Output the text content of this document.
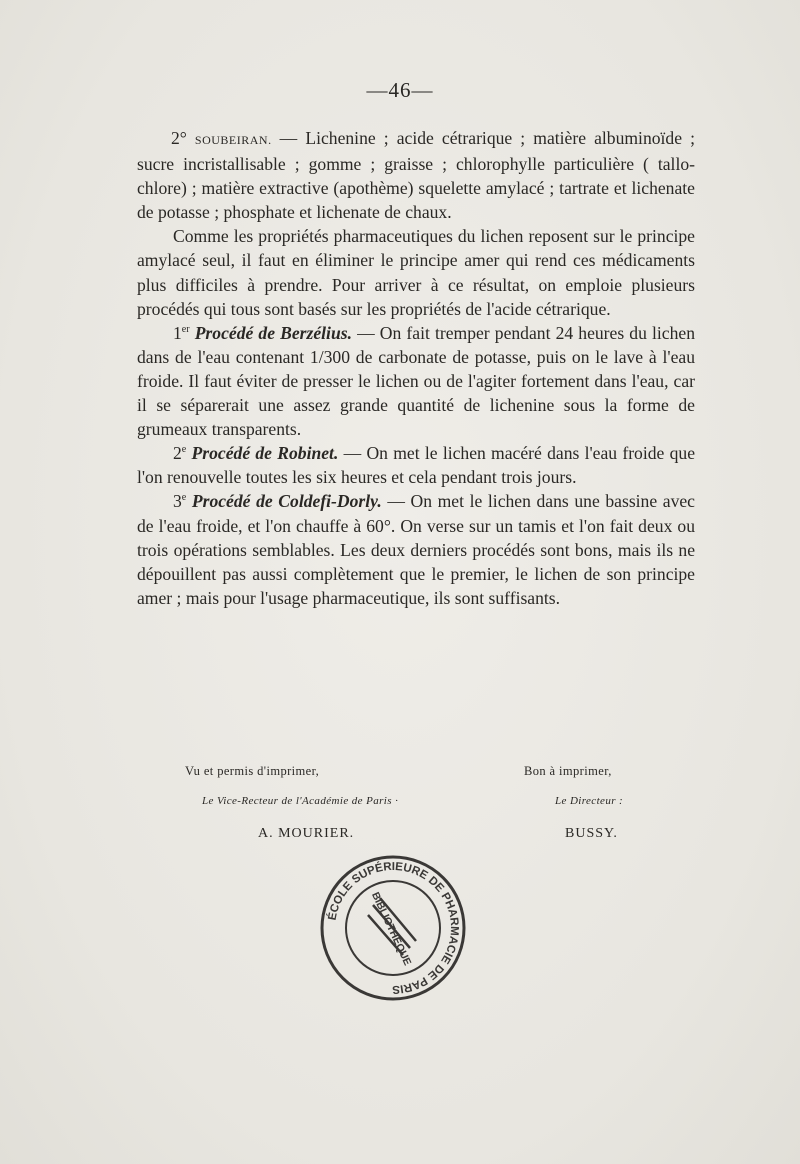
—46—

2° SOUBEIRAN. — Lichenine ; acide cétrarique ; matière albuminoïde ; sucre incristallisable ; gomme ; graisse ; chlorophylle particulière ( tallo-chlore) ; matière extractive (apothème) squelette amylacé ; tartrate et lichenate de potasse ; phosphate et lichenate de chaux.

Comme les propriétés pharmaceutiques du lichen reposent sur le principe amylacé seul, il faut en éliminer le principe amer qui rend ces médicaments plus difficiles à prendre. Pour arriver à ce résultat, on emploie plusieurs procédés qui tous sont basés sur les propriétés de l'acide cétrarique.

1er Procédé de Berzélius. — On fait tremper pendant 24 heures du lichen dans de l'eau contenant 1/300 de carbonate de potasse, puis on le lave à l'eau froide. Il faut éviter de presser le lichen ou de l'agiter fortement dans l'eau, car il se séparerait une assez grande quantité de lichenine sous la forme de grumeaux transparents.

2e Procédé de Robinet. — On met le lichen macéré dans l'eau froide que l'on renouvelle toutes les six heures et cela pendant trois jours.

3e Procédé de Coldefi-Dorly. — On met le lichen dans une bassine avec de l'eau froide, et l'on chauffe à 60°. On verse sur un tamis et l'on fait deux ou trois opérations semblables. Les deux derniers procédés sont bons, mais ils ne dépouillent pas aussi complètement que le premier, le lichen de son principe amer ; mais pour l'usage pharmaceutique, ils sont suffisants.

Vu et permis d'imprimer,
Le Vice-Recteur de l'Académie de Paris ·
A. MOURIER.
Bon à imprimer,
Le Directeur :
BUSSY.
ÉCOLE SUPÉRIEURE DE PHARMACIE DE PARIS
BIBLIOTHÈQUE
